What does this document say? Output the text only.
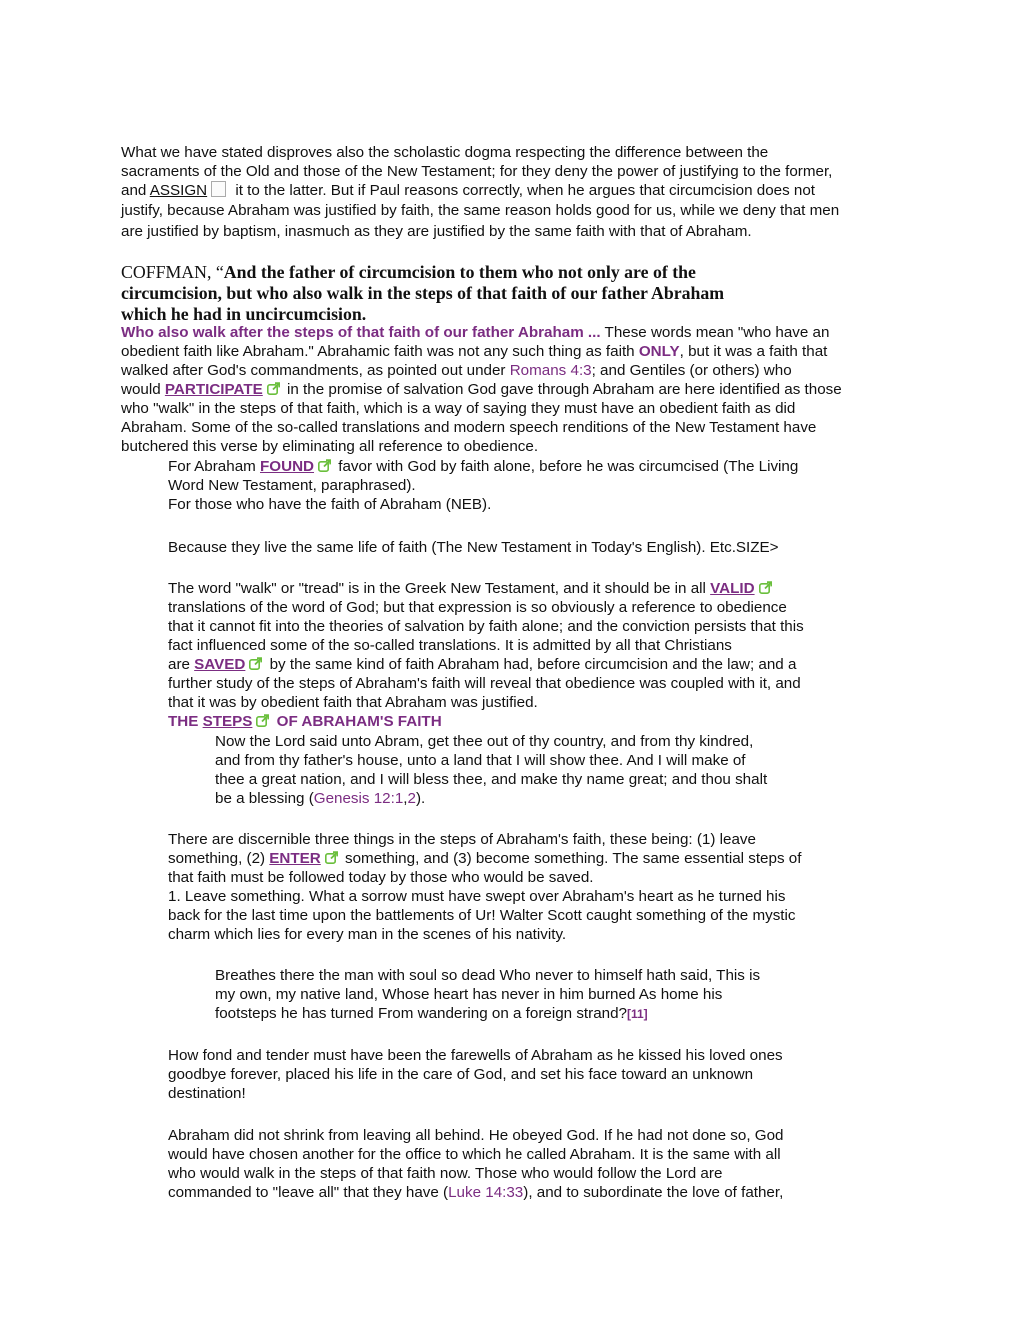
What we have stated disproves also the scholastic dogma respecting the difference between the
sacraments of the Old and those of the New Testament; for they deny the power of justifying to the former,
and ASSIGN it to the latter. But if Paul reasons correctly, when he argues that circumcision does not
justify, because Abraham was justified by faith, the same reason holds good for us, while we deny that men
are justified by baptism, inasmuch as they are justified by the same faith with that of Abraham.
COFFMAN, “And the father of circumcision to them who not only are of the
circumcision, but who also walk in the steps of that faith of our father Abraham
which he had in uncircumcision.
Who also walk after the steps of that faith of our father Abraham ... These words mean "who have an
obedient faith like Abraham." Abrahamic faith was not any such thing as faith ONLY, but it was a faith that
walked after God's commandments, as pointed out under Romans 4:3; and Gentiles (or others) who
would PARTICIPATE in the promise of salvation God gave through Abraham are here identified as those
who "walk" in the steps of that faith, which is a way of saying they must have an obedient faith as did
Abraham. Some of the so-called translations and modern speech renditions of the New Testament have
butchered this verse by eliminating all reference to obedience.
For Abraham FOUND favor with God by faith alone, before he was circumcised (The Living
Word New Testament, paraphrased).
For those who have the faith of Abraham (NEB).
Because they live the same life of faith (The New Testament in Today's English). Etc.SIZE>
The word "walk" or "tread" is in the Greek New Testament, and it should be in all VALID
translations of the word of God; but that expression is so obviously a reference to obedience
that it cannot fit into the theories of salvation by faith alone; and the conviction persists that this
fact influenced some of the so-called translations. It is admitted by all that Christians
are SAVED by the same kind of faith Abraham had, before circumcision and the law; and a
further study of the steps of Abraham's faith will reveal that obedience was coupled with it, and
that it was by obedient faith that Abraham was justified.
THE STEPS OF ABRAHAM'S FAITH
Now the Lord said unto Abram, get thee out of thy country, and from thy kindred,
and from thy father's house, unto a land that I will show thee. And I will make of
thee a great nation, and I will bless thee, and make thy name great; and thou shalt
be a blessing (Genesis 12:1,2).
There are discernible three things in the steps of Abraham's faith, these being: (1) leave
something, (2) ENTER something, and (3) become something. The same essential steps of
that faith must be followed today by those who would be saved.
1. Leave something. What a sorrow must have swept over Abraham's heart as he turned his
back for the last time upon the battlements of Ur! Walter Scott caught something of the mystic
charm which lies for every man in the scenes of his nativity.
Breathes there the man with soul so dead Who never to himself hath said, This is
my own, my native land, Whose heart has never in him burned As home his
footsteps he has turned From wandering on a foreign strand?[11]
How fond and tender must have been the farewells of Abraham as he kissed his loved ones
goodbye forever, placed his life in the care of God, and set his face toward an unknown
destination!
Abraham did not shrink from leaving all behind. He obeyed God. If he had not done so, God
would have chosen another for the office to which he called Abraham. It is the same with all
who would walk in the steps of that faith now. Those who would follow the Lord are
commanded to "leave all" that they have (Luke 14:33), and to subordinate the love of father,
